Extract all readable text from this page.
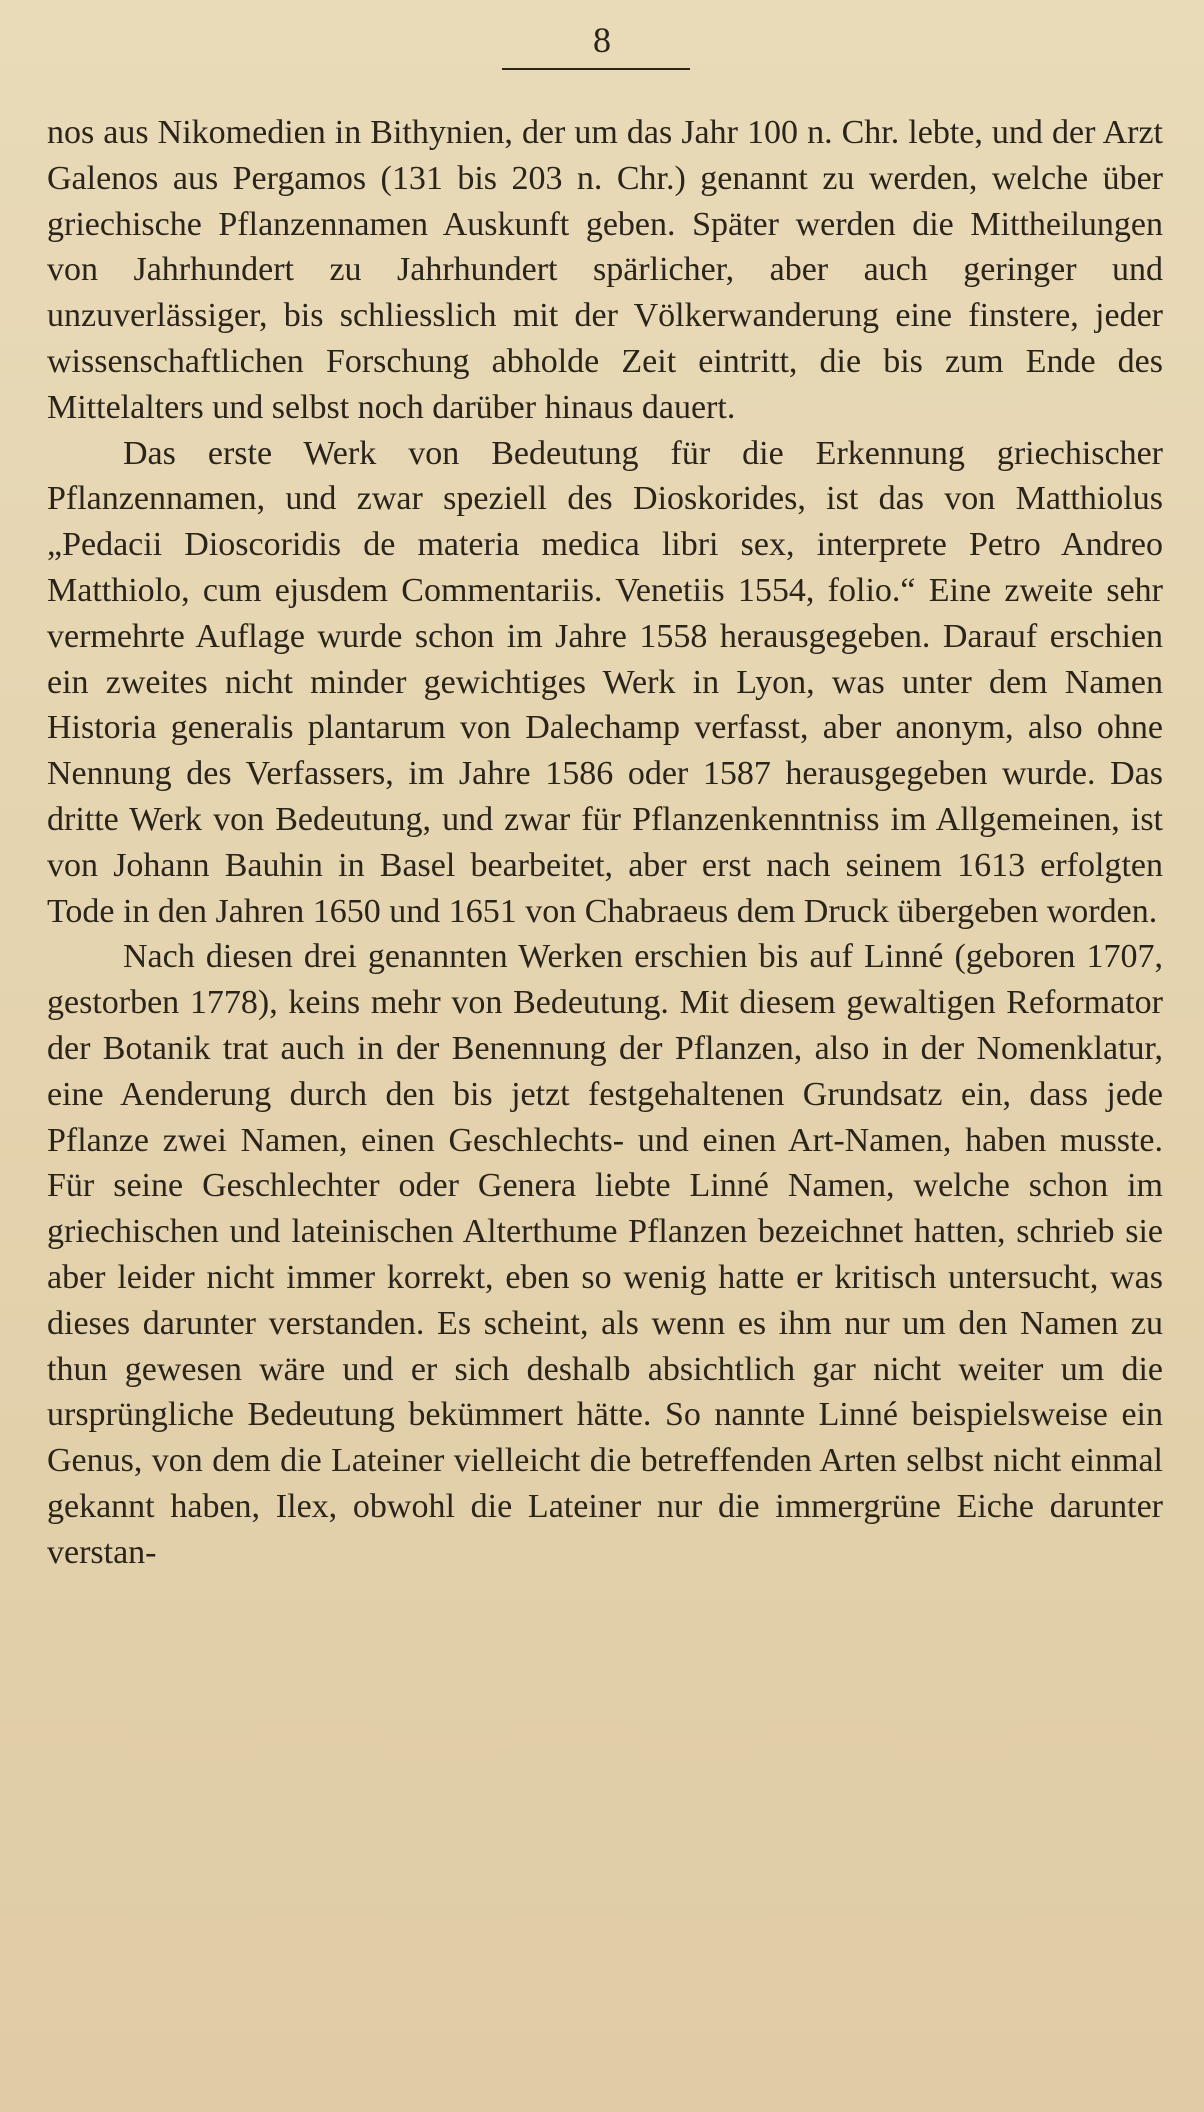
8

nos aus Nikomedien in Bithynien, der um das Jahr 100 n. Chr. lebte, und der Arzt Galenos aus Pergamos (131 bis 203 n. Chr.) genannt zu werden, welche über griechische Pflanzennamen Auskunft geben. Später werden die Mittheilungen von Jahrhundert zu Jahrhundert spärlicher, aber auch geringer und unzuverlässiger, bis schliesslich mit der Völkerwanderung eine finstere, jeder wissenschaftlichen Forschung abholde Zeit eintritt, die bis zum Ende des Mittelalters und selbst noch darüber hinaus dauert.

Das erste Werk von Bedeutung für die Erkennung griechischer Pflanzennamen, und zwar speziell des Dioskorides, ist das von Matthiolus „Pedacii Dioscoridis de materia medica libri sex, interprete Petro Andreo Matthiolo, cum ejusdem Commentariis. Venetiis 1554, folio.“ Eine zweite sehr vermehrte Auflage wurde schon im Jahre 1558 herausgegeben. Darauf erschien ein zweites nicht minder gewichtiges Werk in Lyon, was unter dem Namen Historia generalis plantarum von Dalechamp verfasst, aber anonym, also ohne Nennung des Verfassers, im Jahre 1586 oder 1587 herausgegeben wurde. Das dritte Werk von Bedeutung, und zwar für Pflanzenkenntniss im Allgemeinen, ist von Johann Bauhin in Basel bearbeitet, aber erst nach seinem 1613 erfolgten Tode in den Jahren 1650 und 1651 von Chabraeus dem Druck übergeben worden.

Nach diesen drei genannten Werken erschien bis auf Linné (geboren 1707, gestorben 1778), keins mehr von Bedeutung. Mit diesem gewaltigen Reformator der Botanik trat auch in der Benennung der Pflanzen, also in der Nomenklatur, eine Aenderung durch den bis jetzt festgehaltenen Grundsatz ein, dass jede Pflanze zwei Namen, einen Geschlechts- und einen Art-Namen, haben musste. Für seine Geschlechter oder Genera liebte Linné Namen, welche schon im griechischen und lateinischen Alterthume Pflanzen bezeichnet hatten, schrieb sie aber leider nicht immer korrekt, eben so wenig hatte er kritisch untersucht, was dieses darunter verstanden. Es scheint, als wenn es ihm nur um den Namen zu thun gewesen wäre und er sich deshalb absichtlich gar nicht weiter um die ursprüngliche Bedeutung bekümmert hätte. So nannte Linné beispielsweise ein Genus, von dem die Lateiner vielleicht die betreffenden Arten selbst nicht einmal gekannt haben, Ilex, obwohl die Lateiner nur die immergrüne Eiche darunter verstan-
